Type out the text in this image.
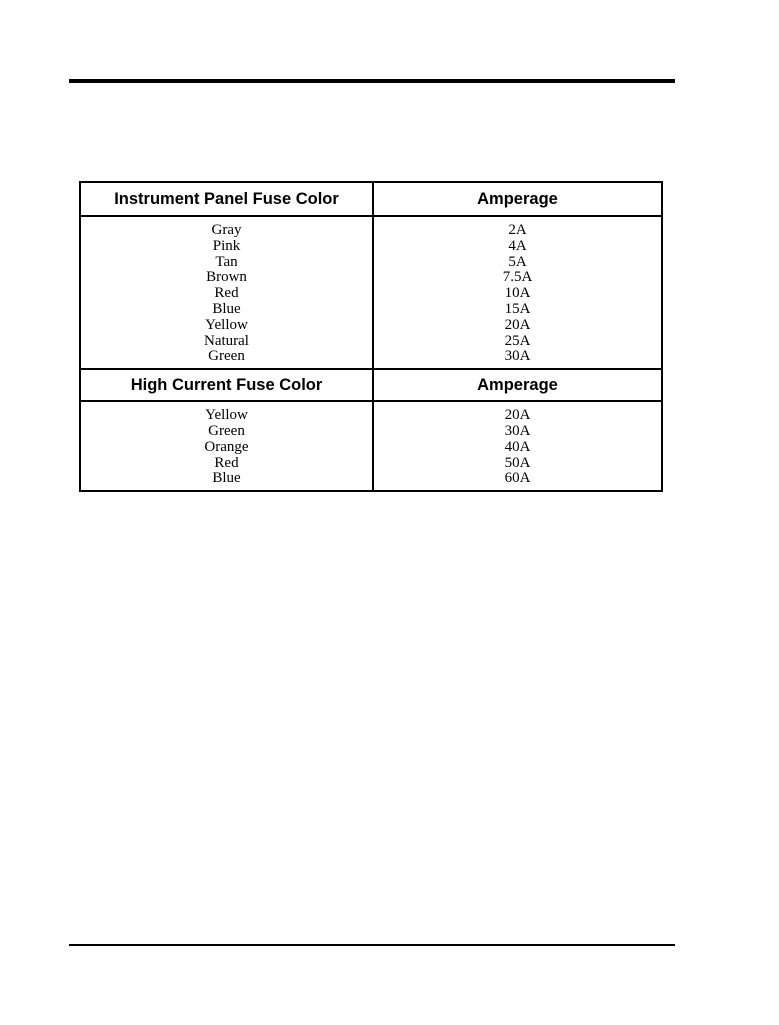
Instrument Panel Fuse Color	Amperage
Gray
Pink
Tan
Brown
Red
Blue
Yellow
Natural
Green
2A
4A
5A
7.5A
10A
15A
20A
25A
30A
High Current Fuse Color	Amperage
Yellow
Green
Orange
Red
Blue
20A
30A
40A
50A
60A
